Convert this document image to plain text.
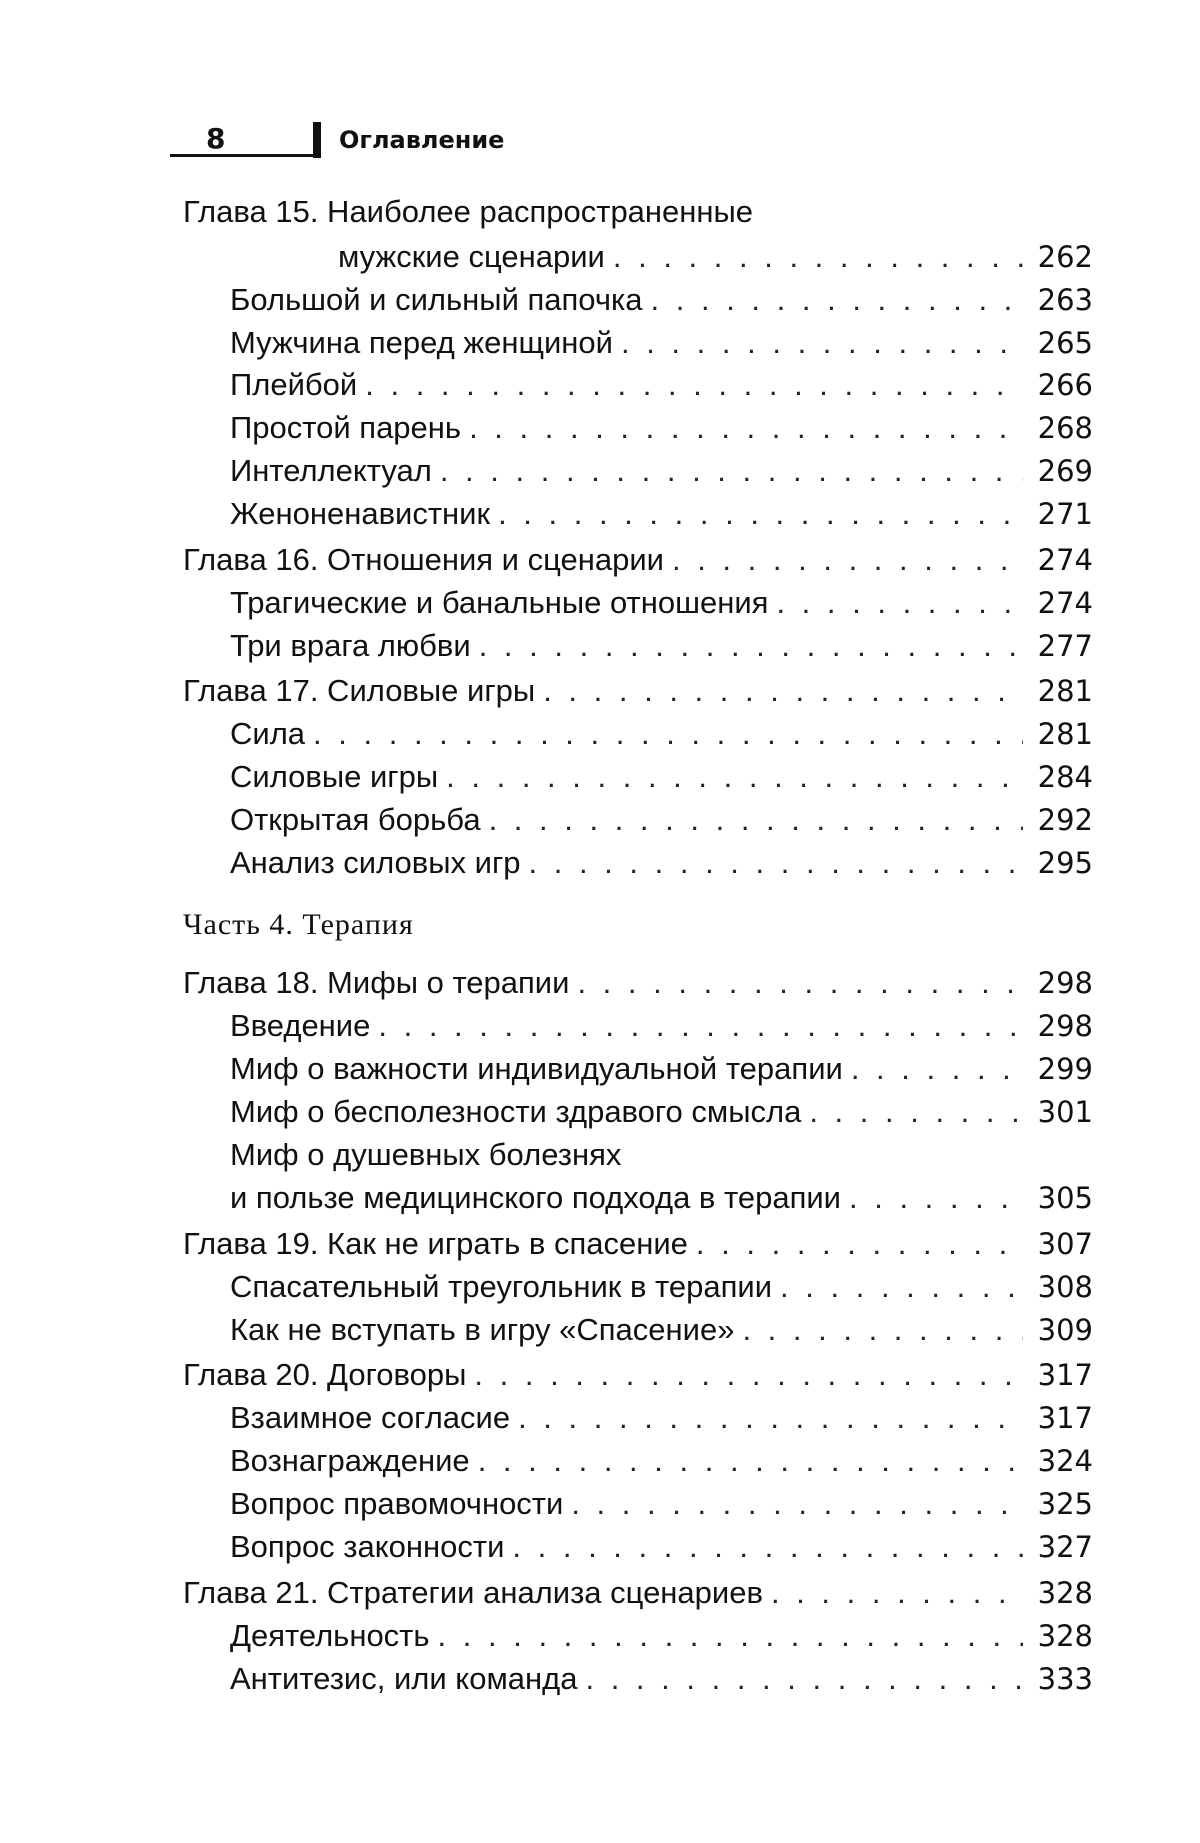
8	Оглавление
Глава 15. Наиболее распространенные
мужские сценарии
. . .	262
Большой и сильный папочка
. . .	263
Мужчина перед женщиной
. . .	265
Плейбой
. . .	266
Простой парень
. . .	268
Интеллектуал
. . .	269
Женоненавистник
. . .	271
Глава 16. Отношения и сценарии
. . .	274
Трагические и банальные отношения
. . .	274
Три врага любви
. . .	277
Глава 17. Силовые игры
. . .	281
Сила
. . .	281
Силовые игры
. . .	284
Открытая борьба
. . .	292
Анализ силовых игр
. . .	295
Часть 4. Терапия
Глава 18. Мифы о терапии
. . .	298
Введение
. . .	298
Миф о важности индивидуальной терапии
. . .	299
Миф о бесполезности здравого смысла
. . .	301
Миф о душевных болезнях
и пользе медицинского подхода в терапии
. . .	305
Глава 19. Как не играть в спасение
. . .	307
Спасательный треугольник в терапии
. . .	308
Как не вступать в игру «Спасение»
. . .	309
Глава 20. Договоры
. . .	317
Взаимное согласие
. . .	317
Вознаграждение
. . .	324
Вопрос правомочности
. . .	325
Вопрос законности
. . .	327
Глава 21. Стратегии анализа сценариев
. . .	328
Деятельность
. . .	328
Антитезис, или команда
. . .	333
